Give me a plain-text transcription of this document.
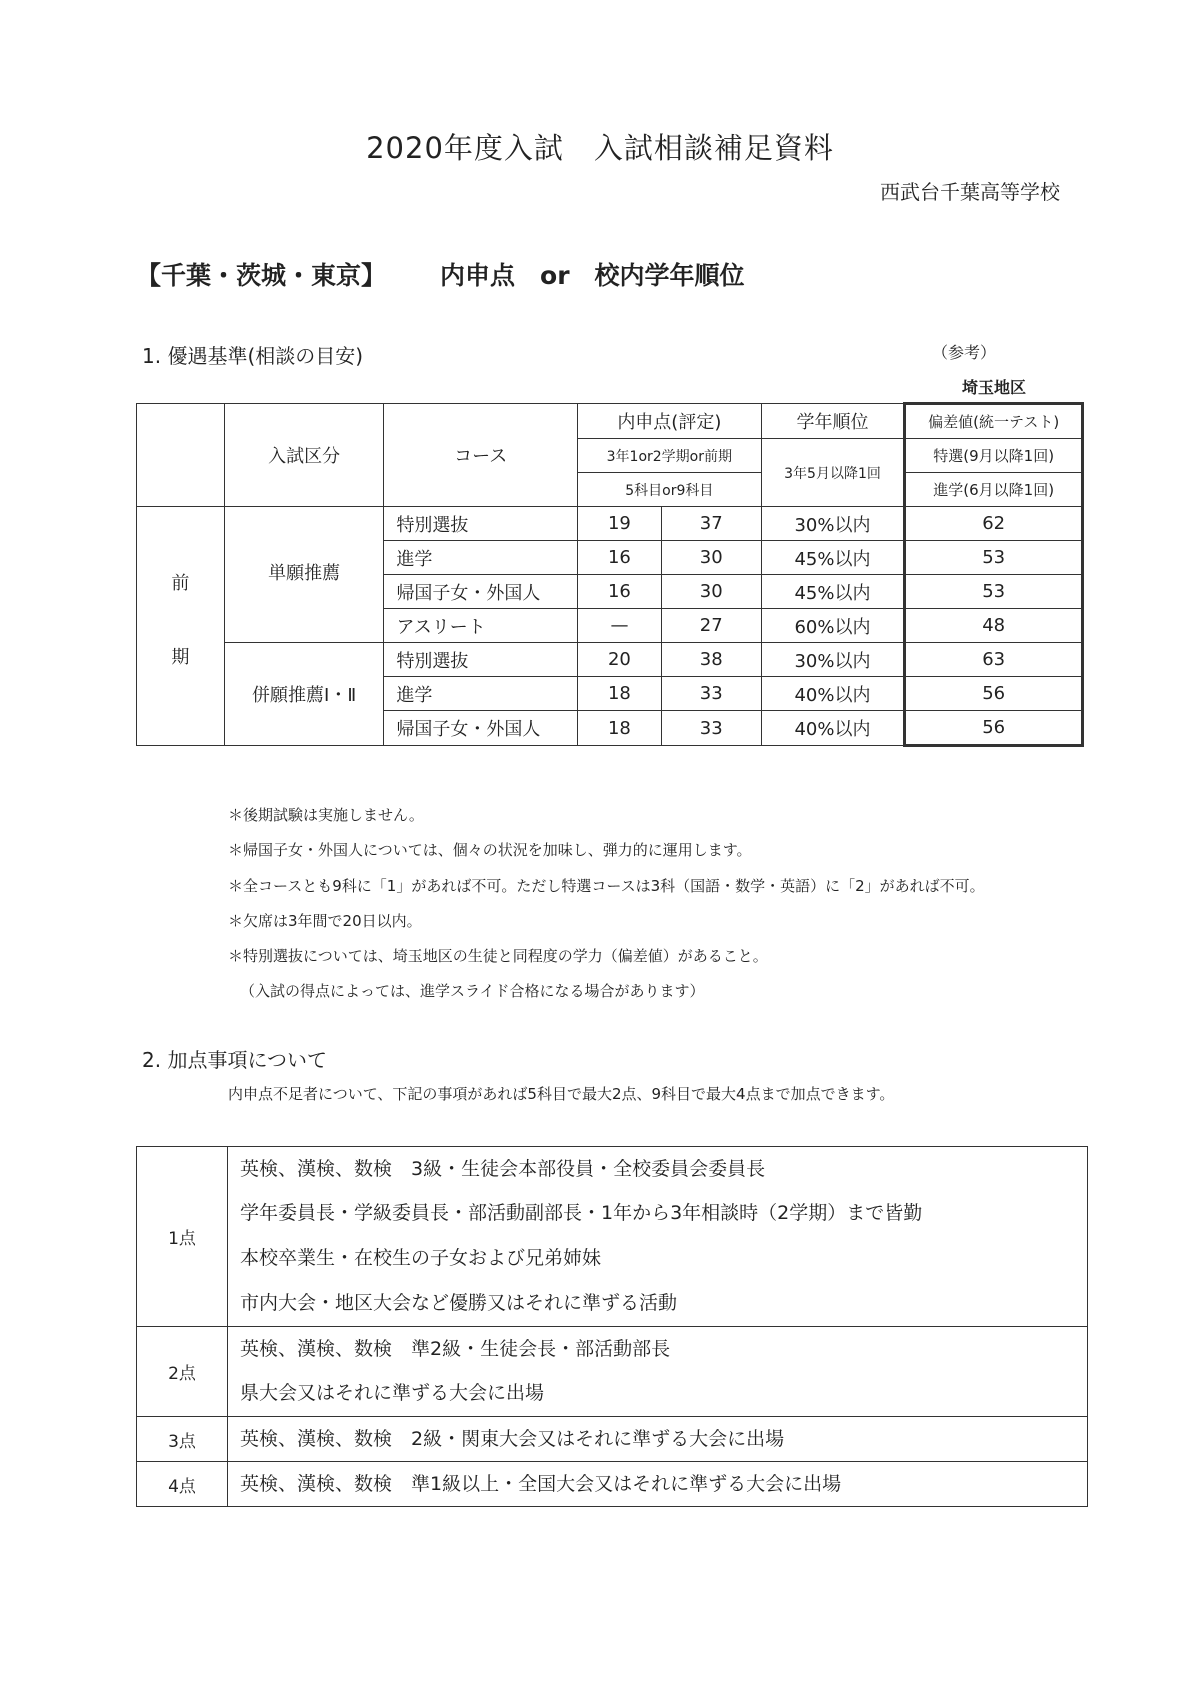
2020年度入試　入試相談補足資料
西武台千葉高等学校
【千葉・茨城・東京】 内申点　or　校内学年順位
1. 優遇基準(相談の目安)	（参考）
埼玉地区
	入試区分	コース	内申点(評定)		学年順位	偏差値(統一テスト)
			3年1or2学期or前期		3年5月以降1回	特選(9月以降1回)
			5科目or9科目			進学(6月以降1回)

前
期	単願推薦	特別選抜	19	37	30%以内	62
		進学	16	30	45%以内	53
		帰国子女・外国人	16	30	45%以内	53
		アスリート	—	27	60%以内	48
	併願推薦Ⅰ・Ⅱ	特別選抜	20	38	30%以内	63
		進学	18	33	40%以内	56
		帰国子女・外国人	18	33	40%以内	56
＊後期試験は実施しません。
＊帰国子女・外国人については、個々の状況を加味し、弾力的に運用します。
＊全コースとも9科に「1」があれば不可。ただし特選コースは3科（国語・数学・英語）に「2」があれば不可。
＊欠席は3年間で20日以内。
＊特別選抜については、埼玉地区の生徒と同程度の学力（偏差値）があること。
（入試の得点によっては、進学スライド合格になる場合があります）
2. 加点事項について
内申点不足者について、下記の事項があれば5科目で最大2点、9科目で最大4点まで加点できます。
1点	英検、漢検、数検　3級・生徒会本部役員・全校委員会委員長
学年委員長・学級委員長・部活動副部長・1年から3年相談時（2学期）まで皆勤
本校卒業生・在校生の子女および兄弟姉妹
市内大会・地区大会など優勝又はそれに準ずる活動

2点	英検、漢検、数検　準2級・生徒会長・部活動部長
県大会又はそれに準ずる大会に出場

3点	英検、漢検、数検　2級・関東大会又はそれに準ずる大会に出場

4点	英検、漢検、数検　準1級以上・全国大会又はそれに準ずる大会に出場
